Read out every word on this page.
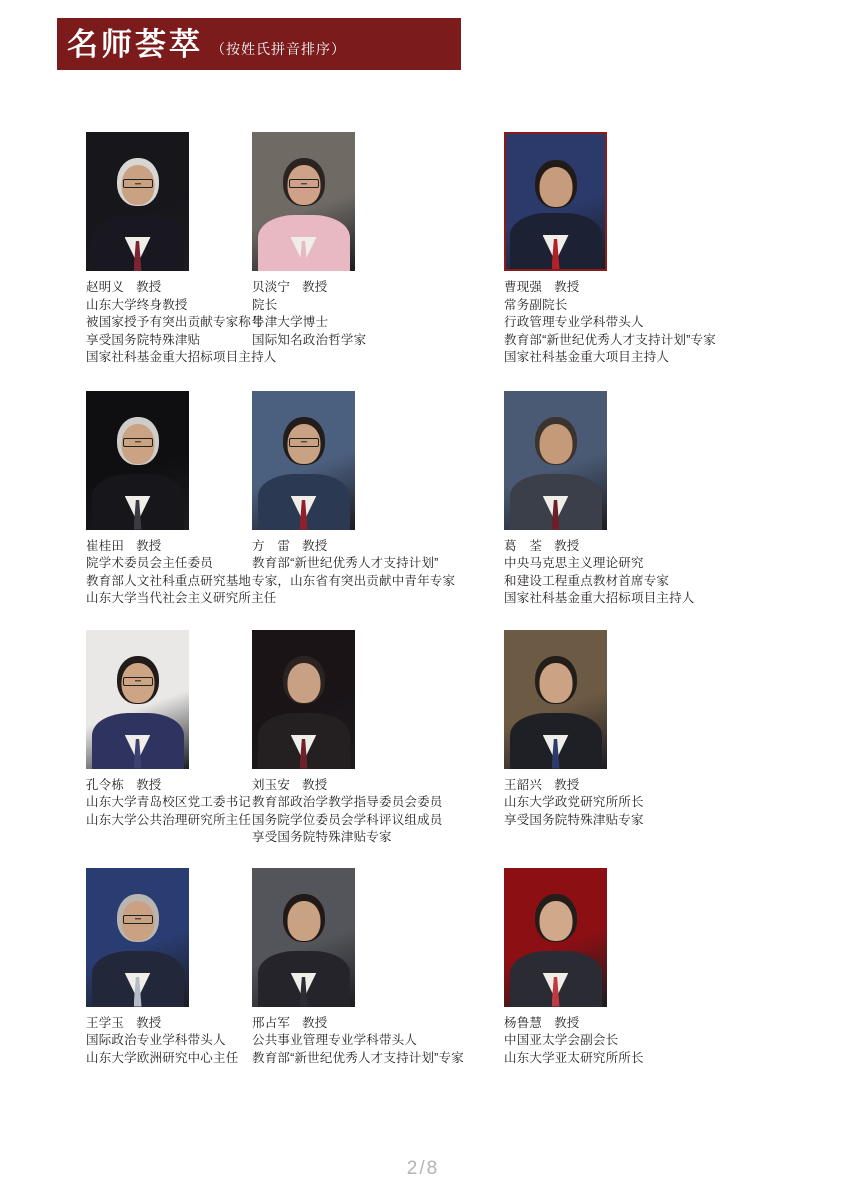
名师荟萃 （按姓氏拼音排序）
赵明义 教授
山东大学终身教授
被国家授予有突出贡献专家称号
享受国务院特殊津贴
国家社科基金重大招标项目主持人
贝淡宁 教授
院长
牛津大学博士
国际知名政治哲学家
曹现强 教授
常务副院长
行政管理专业学科带头人
教育部“新世纪优秀人才支持计划”专家
国家社科基金重大项目主持人
崔桂田 教授
院学术委员会主任委员
教育部人文社科重点研究基地
山东大学当代社会主义研究所主任
方　雷 教授
教育部“新世纪优秀人才支持计划”
专家，山东省有突出贡献中青年专家
葛　荃 教授
中央马克思主义理论研究
和建设工程重点教材首席专家
国家社科基金重大招标项目主持人
孔令栋 教授
山东大学青岛校区党工委书记
山东大学公共治理研究所主任
刘玉安 教授
教育部政治学教学指导委员会委员
国务院学位委员会学科评议组成员
享受国务院特殊津贴专家
王韶兴 教授
山东大学政党研究所所长
享受国务院特殊津贴专家
王学玉 教授
国际政治专业学科带头人
山东大学欧洲研究中心主任
邢占军 教授
公共事业管理专业学科带头人
教育部“新世纪优秀人才支持计划”专家
杨鲁慧 教授
中国亚太学会副会长
山东大学亚太研究所所长
2/8
